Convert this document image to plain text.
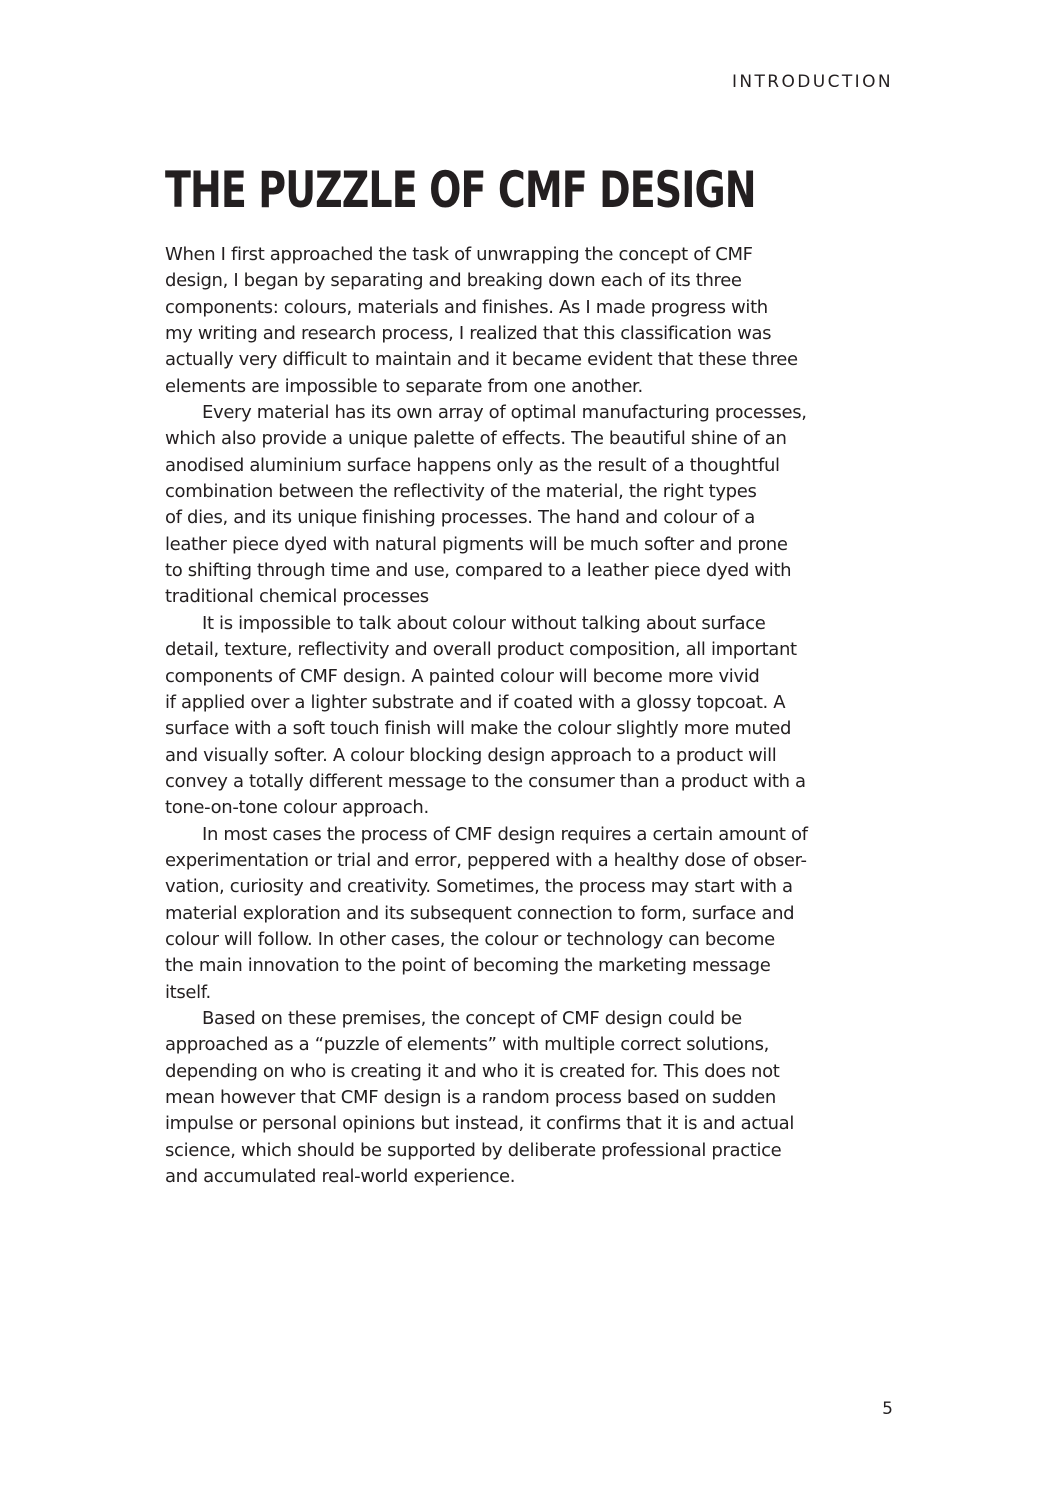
INTRODUCTION
THE PUZZLE OF CMF DESIGN

When I first approached the task of unwrapping the concept of CMF
design, I began by separating and breaking down each of its three
components: colours, materials and finishes. As I made progress with
my writing and research process, I realized that this classification was
actually very difficult to maintain and it became evident that these three
elements are impossible to separate from one another.

Every material has its own array of optimal manufacturing processes,
which also provide a unique palette of effects. The beautiful shine of an
anodised aluminium surface happens only as the result of a thoughtful
combination between the reflectivity of the material, the right types
of dies, and its unique finishing processes. The hand and colour of a
leather piece dyed with natural pigments will be much softer and prone
to shifting through time and use, compared to a leather piece dyed with
traditional chemical processes

It is impossible to talk about colour without talking about surface
detail, texture, reflectivity and overall product composition, all important
components of CMF design. A painted colour will become more vivid
if applied over a lighter substrate and if coated with a glossy topcoat. A
surface with a soft touch finish will make the colour slightly more muted
and visually softer. A colour blocking design approach to a product will
convey a totally different message to the consumer than a product with a
tone-on-tone colour approach.

In most cases the process of CMF design requires a certain amount of
experimentation or trial and error, peppered with a healthy dose of obser-
vation, curiosity and creativity. Sometimes, the process may start with a
material exploration and its subsequent connection to form, surface and
colour will follow. In other cases, the colour or technology can become
the main innovation to the point of becoming the marketing message
itself.

Based on these premises, the concept of CMF design could be
approached as a “puzzle of elements” with multiple correct solutions,
depending on who is creating it and who it is created for. This does not
mean however that CMF design is a random process based on sudden
impulse or personal opinions but instead, it confirms that it is and actual
science, which should be supported by deliberate professional practice
and accumulated real-world experience.

5
